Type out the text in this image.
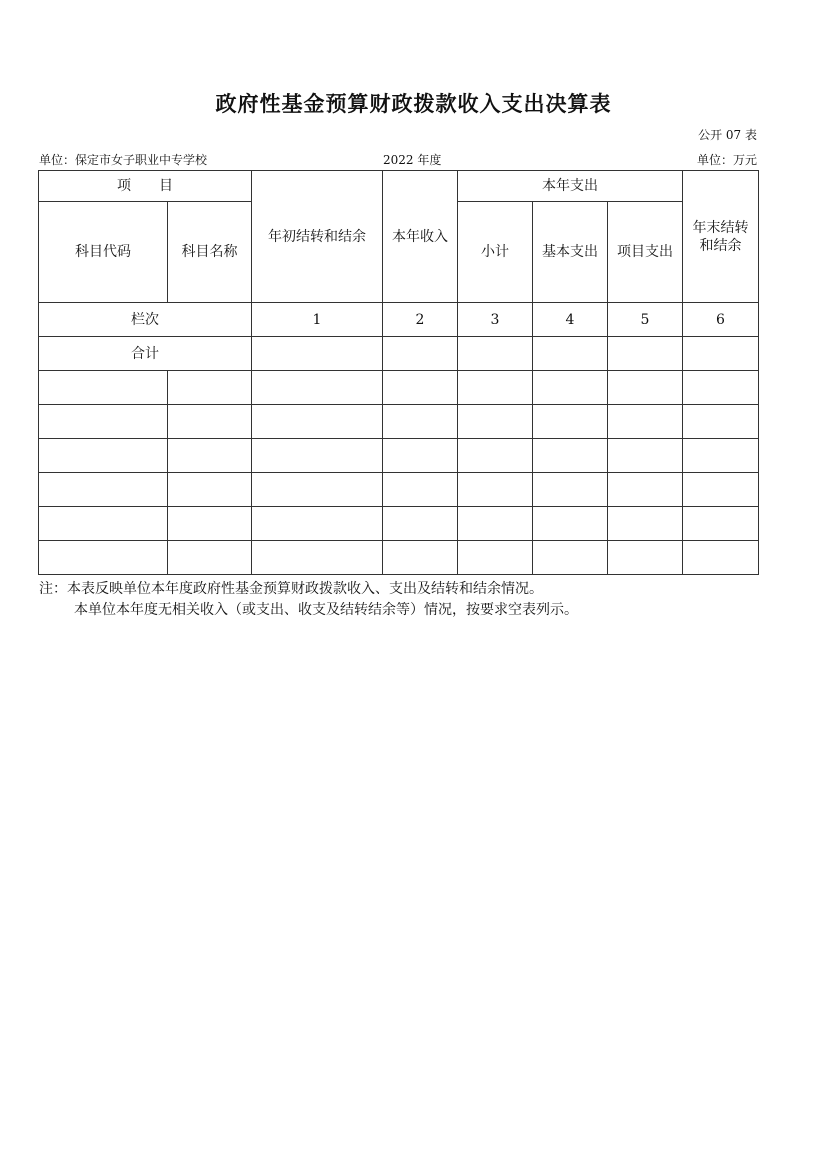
政府性基金预算财政拨款收入支出决算表
公开 07 表
单位：保定市女子职业中专学校	2022 年度	单位：万元
项　　目		年初结转和结余	本年收入	本年支出			年末结转和结余
科目代码	科目名称			小计	基本支出	项目支出	
栏次		1	2	3	4	5	6
合计							

注：本表反映单位本年度政府性基金预算财政拨款收入、支出及结转和结余情况。
本单位本年度无相关收入（或支出、收支及结转结余等）情况，按要求空表列示。
